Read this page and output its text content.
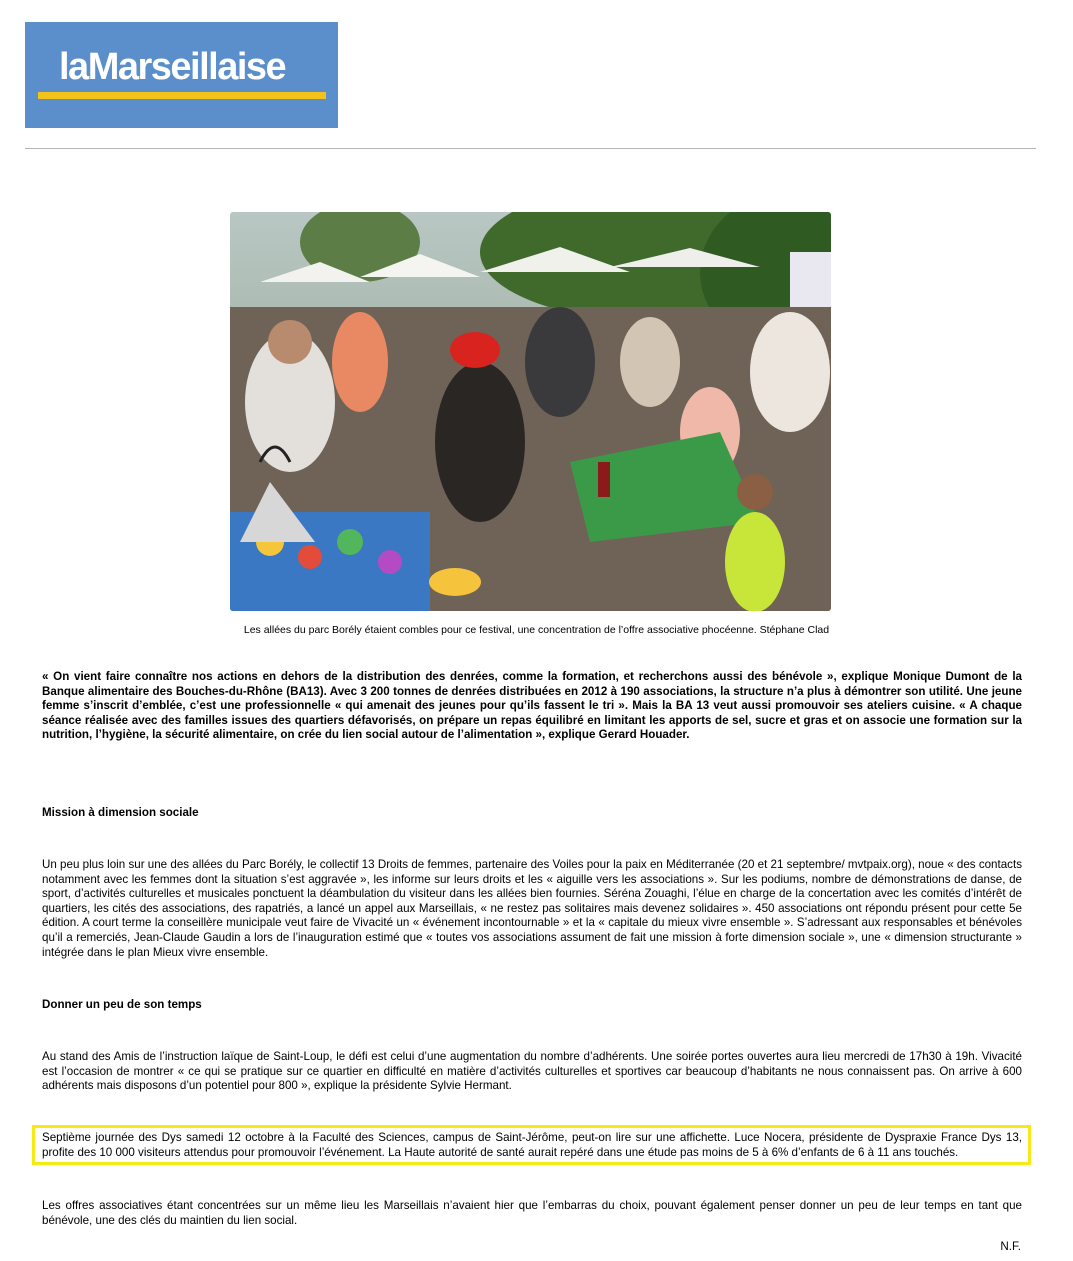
laMarseillaise
Les allées du parc Borély étaient combles pour ce festival, une concentration de l’offre associative phocéenne. Stéphane Clad

« On vient faire connaître nos actions en dehors de la distribution des denrées, comme la formation, et recherchons aussi des bénévole », explique Monique Dumont de la Banque alimentaire des Bouches-du-Rhône (BA13). Avec 3 200 tonnes de denrées distribuées en 2012 à 190 associations, la structure n’a plus à démontrer son utilité. Une jeune femme s’inscrit d’emblée, c’est une professionnelle « qui amenait des jeunes pour qu’ils fassent le tri ». Mais la BA 13 veut aussi promouvoir ses ateliers cuisine. « A chaque séance réalisée avec des familles issues des quartiers défavorisés, on prépare un repas équilibré en limitant les apports de sel, sucre et gras et on associe une formation sur la nutrition, l’hygiène, la sécurité alimentaire, on crée du lien social autour de l’alimentation », explique Gerard Houader.

Mission à dimension sociale

Un peu plus loin sur une des allées du Parc Borély, le collectif 13 Droits de femmes, partenaire des Voiles pour la paix en Méditerranée (20 et 21 septembre/ mvtpaix.org), noue « des contacts notamment avec les femmes dont la situation s’est aggravée », les informe sur leurs droits et les « aiguille vers les associations ». Sur les podiums, nombre de démonstrations de danse, de sport, d’activités culturelles et musicales ponctuent la déambulation du visiteur dans les allées bien fournies. Séréna Zouaghi, l’élue en charge de la concertation avec les comités d’intérêt de quartiers, les cités des associations, des rapatriés, a lancé un appel aux Marseillais, « ne restez pas solitaires mais devenez solidaires ». 450 associations ont répondu présent pour cette 5e édition. A court terme la conseillère municipale veut faire de Vivacité un « événement incontournable » et la « capitale du mieux vivre ensemble ». S’adressant aux responsables et bénévoles qu’il a remerciés, Jean-Claude Gaudin a lors de l’inauguration estimé que « toutes vos associations assument de fait une mission à forte dimension sociale », une « dimension structurante » intégrée dans le plan Mieux vivre ensemble.

Donner un peu de son temps

Au stand des Amis de l’instruction laïque de Saint-Loup, le défi est celui d’une augmentation du nombre d’adhérents. Une soirée portes ouvertes aura lieu mercredi de 17h30 à 19h. Vivacité est l’occasion de montrer « ce qui se pratique sur ce quartier en difficulté en matière d’activités culturelles et sportives car beaucoup d’habitants ne nous connaissent pas. On arrive à 600 adhérents mais disposons d’un potentiel pour 800 », explique la présidente Sylvie Hermant.

Septième journée des Dys samedi 12 octobre à la Faculté des Sciences, campus de Saint-Jérôme, peut-on lire sur une affichette. Luce Nocera, présidente de Dyspraxie France Dys 13, profite des 10 000 visiteurs attendus pour promouvoir l’événement. La Haute autorité de santé aurait repéré dans une étude pas moins de 5 à 6% d’enfants de 6 à 11 ans touchés.

Les offres associatives étant concentrées sur un même lieu les Marseillais n’avaient hier que l’embarras du choix, pouvant également penser donner un peu de leur temps en tant que bénévole, une des clés du maintien du lien social.

N.F.
